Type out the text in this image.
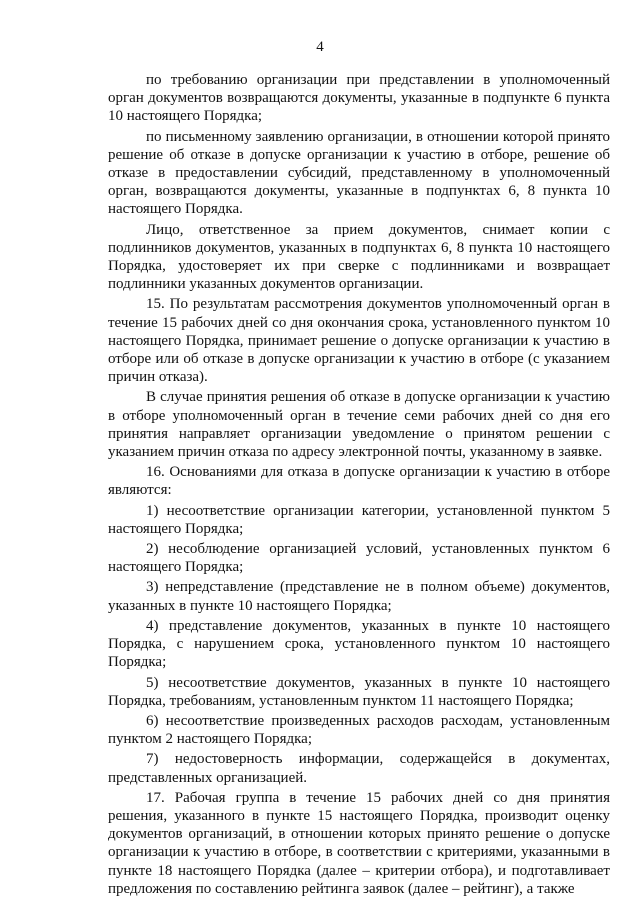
4

по требованию организации при представлении в уполномоченный орган документов возвращаются документы, указанные в подпункте 6 пункта 10 настоящего Порядка;

по письменному заявлению организации, в отношении которой принято решение об отказе в допуске организации к участию в отборе, решение об отказе в предоставлении субсидий, представленному в уполномоченный орган, возвращаются документы, указанные в подпунктах 6, 8 пункта 10 настоящего Порядка.

Лицо, ответственное за прием документов, снимает копии с подлинников документов, указанных в подпунктах 6, 8 пункта 10 настоящего Порядка, удостоверяет их при сверке с подлинниками и возвращает подлинники указанных документов организации.

15. По результатам рассмотрения документов уполномоченный орган в течение 15 рабочих дней со дня окончания срока, установленного пунктом 10 настоящего Порядка, принимает решение о допуске организации к участию в отборе или об отказе в допуске организации к участию в отборе (с указанием причин отказа).

В случае принятия решения об отказе в допуске организации к участию в отборе уполномоченный орган в течение семи рабочих дней со дня его принятия направляет организации уведомление о принятом решении с указанием причин отказа по адресу электронной почты, указанному в заявке.

16. Основаниями для отказа в допуске организации к участию в отборе являются:

1) несоответствие организации категории, установленной пунктом 5 настоящего Порядка;

2) несоблюдение организацией условий, установленных пунктом 6 настоящего Порядка;

3) непредставление (представление не в полном объеме) документов, указанных в пункте 10 настоящего Порядка;

4) представление документов, указанных в пункте 10 настоящего Порядка, с нарушением срока, установленного пунктом 10 настоящего Порядка;

5) несоответствие документов, указанных в пункте 10 настоящего Порядка, требованиям, установленным пунктом 11 настоящего Порядка;

6) несоответствие произведенных расходов расходам, установленным пунктом 2 настоящего Порядка;

7) недостоверность информации, содержащейся в документах, представленных организацией.

17. Рабочая группа в течение 15 рабочих дней со дня принятия решения, указанного в пункте 15 настоящего Порядка, производит оценку документов организаций, в отношении которых принято решение о допуске организации к участию в отборе, в соответствии с критериями, указанными в пункте 18 настоящего Порядка (далее – критерии отбора), и подготавливает предложения по составлению рейтинга заявок (далее – рейтинг), а также
